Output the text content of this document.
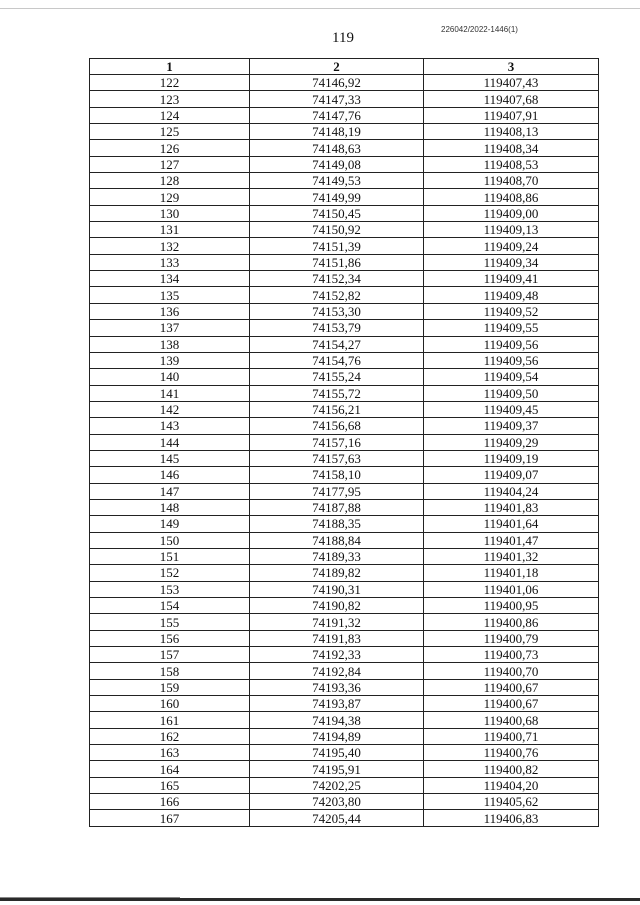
119
226042/2022-1446(1)
1	2	3
122	74146,92	119407,43
123	74147,33	119407,68
124	74147,76	119407,91
125	74148,19	119408,13
126	74148,63	119408,34
127	74149,08	119408,53
128	74149,53	119408,70
129	74149,99	119408,86
130	74150,45	119409,00
131	74150,92	119409,13
132	74151,39	119409,24
133	74151,86	119409,34
134	74152,34	119409,41
135	74152,82	119409,48
136	74153,30	119409,52
137	74153,79	119409,55
138	74154,27	119409,56
139	74154,76	119409,56
140	74155,24	119409,54
141	74155,72	119409,50
142	74156,21	119409,45
143	74156,68	119409,37
144	74157,16	119409,29
145	74157,63	119409,19
146	74158,10	119409,07
147	74177,95	119404,24
148	74187,88	119401,83
149	74188,35	119401,64
150	74188,84	119401,47
151	74189,33	119401,32
152	74189,82	119401,18
153	74190,31	119401,06
154	74190,82	119400,95
155	74191,32	119400,86
156	74191,83	119400,79
157	74192,33	119400,73
158	74192,84	119400,70
159	74193,36	119400,67
160	74193,87	119400,67
161	74194,38	119400,68
162	74194,89	119400,71
163	74195,40	119400,76
164	74195,91	119400,82
165	74202,25	119404,20
166	74203,80	119405,62
167	74205,44	119406,83
